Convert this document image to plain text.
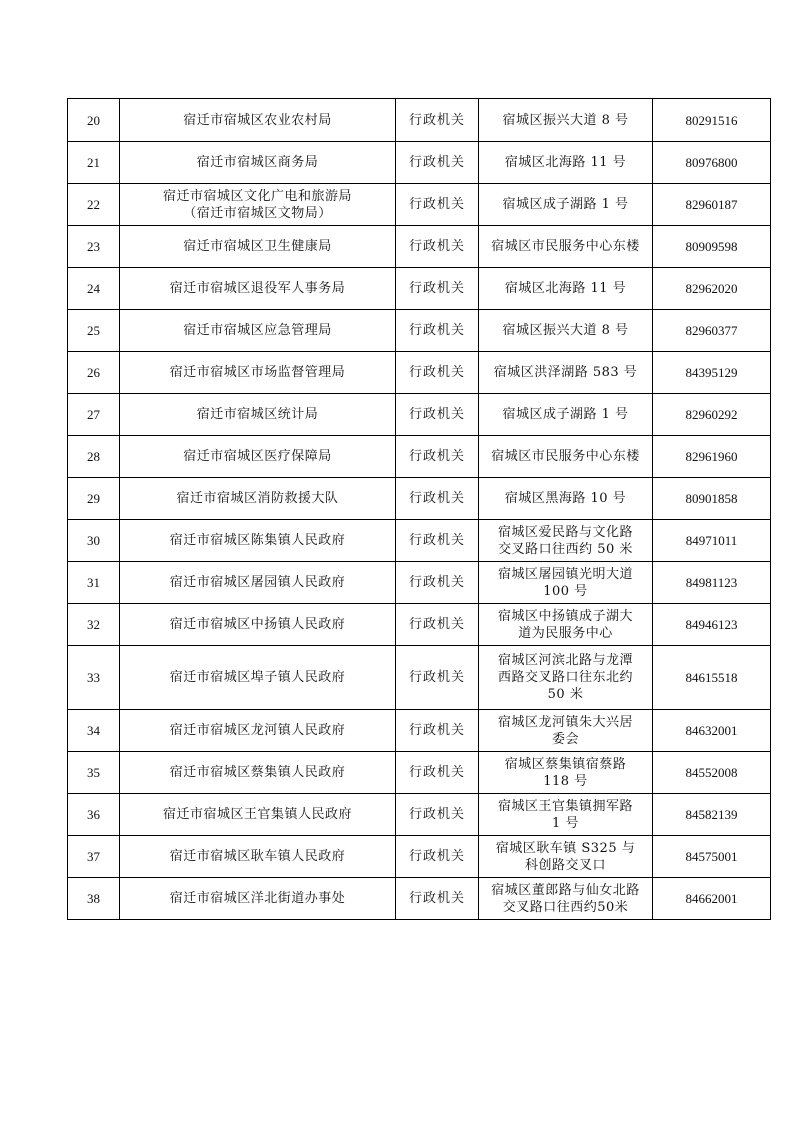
20	宿迁市宿城区农业农村局	行政机关	宿城区振兴大道 8 号	80291516
21	宿迁市宿城区商务局	行政机关	宿城区北海路 11 号	80976800
22	宿迁市宿城区文化广电和旅游局
（宿迁市宿城区文物局）	行政机关	宿城区成子湖路 1 号	82960187
23	宿迁市宿城区卫生健康局	行政机关	宿城区市民服务中心东楼	80909598
24	宿迁市宿城区退役军人事务局	行政机关	宿城区北海路 11 号	82962020
25	宿迁市宿城区应急管理局	行政机关	宿城区振兴大道 8 号	82960377
26	宿迁市宿城区市场监督管理局	行政机关	宿城区洪泽湖路 583 号	84395129
27	宿迁市宿城区统计局	行政机关	宿城区成子湖路 1 号	82960292
28	宿迁市宿城区医疗保障局	行政机关	宿城区市民服务中心东楼	82961960
29	宿迁市宿城区消防救援大队	行政机关	宿城区黑海路 10 号	80901858
30	宿迁市宿城区陈集镇人民政府	行政机关	宿城区爱民路与文化路
交叉路口往西约 50 米	84971011
31	宿迁市宿城区屠园镇人民政府	行政机关	宿城区屠园镇光明大道
100 号	84981123
32	宿迁市宿城区中扬镇人民政府	行政机关	宿城区中扬镇成子湖大
道为民服务中心	84946123
33	宿迁市宿城区埠子镇人民政府	行政机关	宿城区河滨北路与龙潭
西路交叉路口往东北约
50 米	84615518
34	宿迁市宿城区龙河镇人民政府	行政机关	宿城区龙河镇朱大兴居
委会	84632001
35	宿迁市宿城区蔡集镇人民政府	行政机关	宿城区蔡集镇宿蔡路
118 号	84552008
36	宿迁市宿城区王官集镇人民政府	行政机关	宿城区王官集镇拥军路
1 号	84582139
37	宿迁市宿城区耿车镇人民政府	行政机关	宿城区耿车镇 S325 与
科创路交叉口	84575001
38	宿迁市宿城区洋北街道办事处	行政机关	宿城区董郎路与仙女北路
交叉路口往西约50米	84662001
